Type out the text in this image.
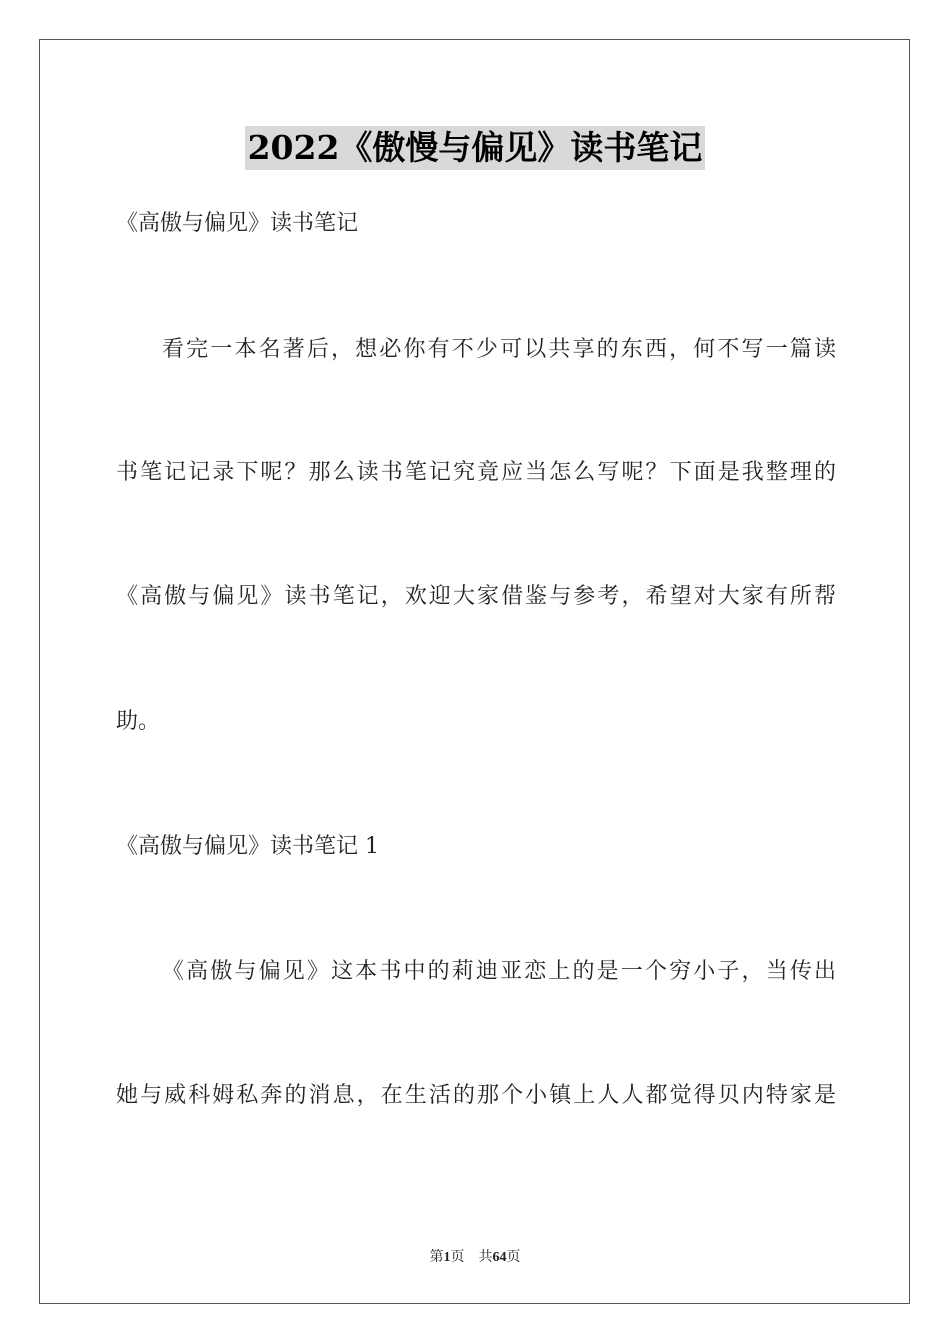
2022《傲慢与偏见》读书笔记
《高傲与偏见》读书笔记
看完一本名著后，想必你有不少可以共享的东西，何不写一篇读
书笔记记录下呢？那么读书笔记究竟应当怎么写呢？下面是我整理的
《高傲与偏见》读书笔记，欢迎大家借鉴与参考，希望对大家有所帮
助。
《高傲与偏见》读书笔记 1
《高傲与偏见》这本书中的莉迪亚恋上的是一个穷小子，当传出
她与威科姆私奔的消息，在生活的那个小镇上人人都觉得贝内特家是
第1页 共64页
